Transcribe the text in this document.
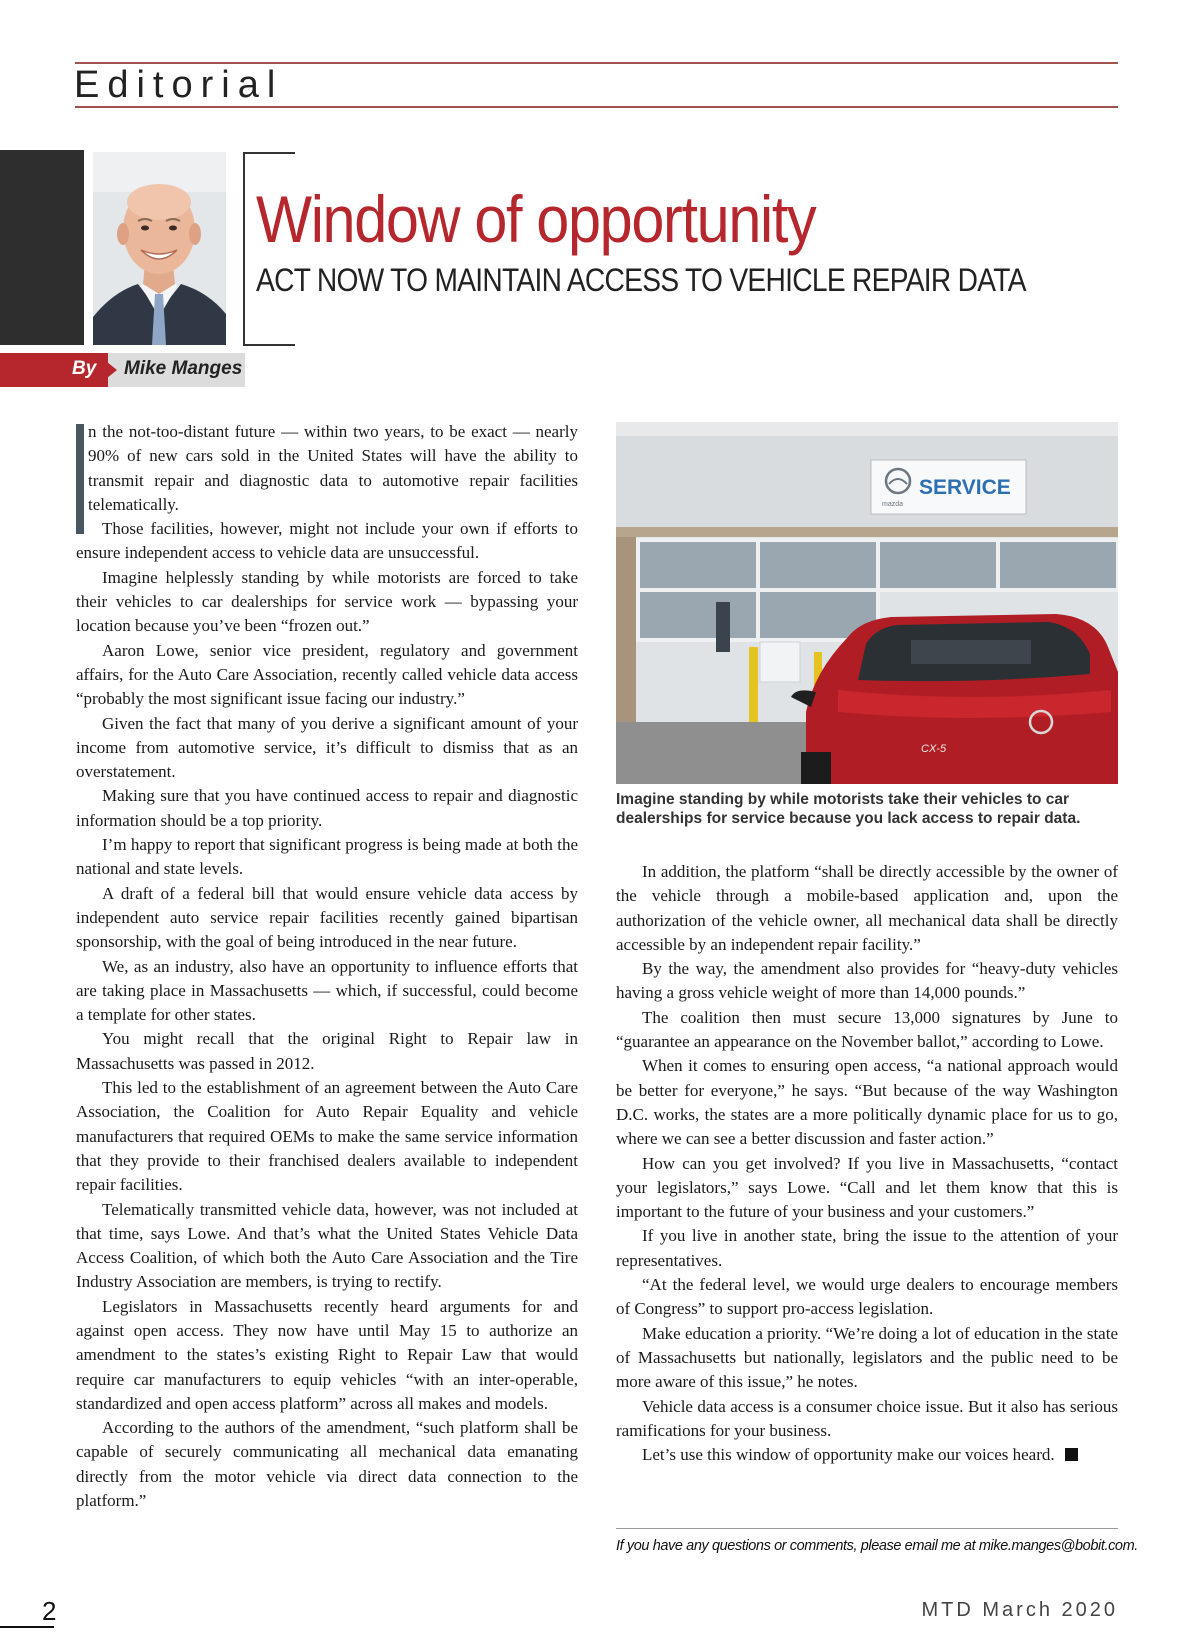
Editorial
Window of opportunity
ACT NOW TO MAINTAIN ACCESS TO VEHICLE REPAIR DATA
By Mike Manges

n the not-too-distant future — within two years, to be exact — nearly 90% of new cars sold in the United States will have the ability to transmit repair and diagnostic data to automotive repair facilities telematically.

Those facilities, however, might not include your own if efforts to ensure independent access to vehicle data are unsuccessful.

Imagine helplessly standing by while motorists are forced to take their vehicles to car dealerships for service work — bypassing your location because you’ve been “frozen out.”

Aaron Lowe, senior vice president, regulatory and government affairs, for the Auto Care Association, recently called vehicle data access “probably the most significant issue facing our industry.”

Given the fact that many of you derive a significant amount of your income from automotive service, it’s difficult to dismiss that as an overstatement.

Making sure that you have continued access to repair and diagnostic information should be a top priority.

I’m happy to report that significant progress is being made at both the national and state levels.

A draft of a federal bill that would ensure vehicle data access by independent auto service repair facilities recently gained bipartisan sponsorship, with the goal of being introduced in the near future.

We, as an industry, also have an opportunity to influence efforts that are taking place in Massachusetts — which, if successful, could become a template for other states.

You might recall that the original Right to Repair law in Massachusetts was passed in 2012.

This led to the establishment of an agreement between the Auto Care Association, the Coalition for Auto Repair Equality and vehicle manufacturers that required OEMs to make the same service information that they provide to their franchised dealers available to independent repair facilities.

Telematically transmitted vehicle data, however, was not included at that time, says Lowe. And that’s what the United States Vehicle Data Access Coalition, of which both the Auto Care Association and the Tire Industry Association are members, is trying to rectify.

Legislators in Massachusetts recently heard arguments for and against open access. They now have until May 15 to authorize an amendment to the states’s existing Right to Repair Law that would require car manufacturers to equip vehicles “with an inter-operable, standardized and open access platform” across all makes and models.

According to the authors of the amendment, “such platform shall be capable of securely communicating all mechanical data emanating directly from the motor vehicle via direct data connection to the platform.”

mazda
SERVICE
CX-5
Imagine standing by while motorists take their vehicles to car dealerships for service because you lack access to repair data.

In addition, the platform “shall be directly accessible by the owner of the vehicle through a mobile-based application and, upon the authorization of the vehicle owner, all mechanical data shall be directly accessible by an independent repair facility.”

By the way, the amendment also provides for “heavy-duty vehicles having a gross vehicle weight of more than 14,000 pounds.”

The coalition then must secure 13,000 signatures by June to “guarantee an appearance on the November ballot,” according to Lowe.

When it comes to ensuring open access, “a national approach would be better for everyone,” he says. “But because of the way Washington D.C. works, the states are a more politically dynamic place for us to go, where we can see a better discussion and faster action.”

How can you get involved? If you live in Massachusetts, “contact your legislators,” says Lowe. “Call and let them know that this is important to the future of your business and your customers.”

If you live in another state, bring the issue to the attention of your representatives.

“At the federal level, we would urge dealers to encourage members of Congress” to support pro-access legislation.

Make education a priority. “We’re doing a lot of education in the state of Massachusetts but nationally, legislators and the public need to be more aware of this issue,” he notes.

Vehicle data access is a consumer choice issue. But it also has serious ramifications for your business.

Let’s use this window of opportunity make our voices heard.

If you have any questions or comments, please email me at mike.manges@bobit.com.
2	MTD March 2020
